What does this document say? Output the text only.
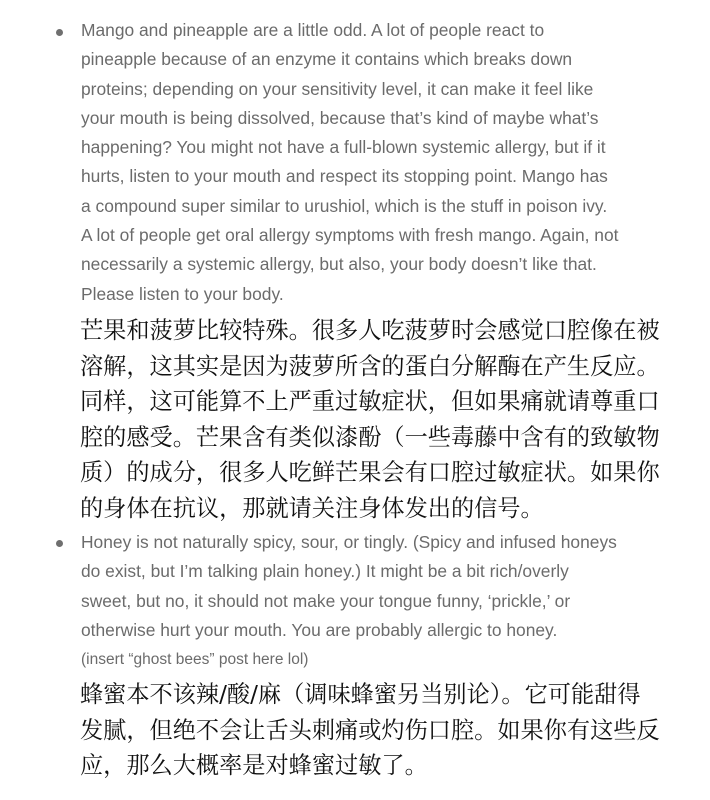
Mango and pineapple are a little odd. A lot of people react to
pineapple because of an enzyme it contains which breaks down
proteins; depending on your sensitivity level, it can make it feel like
your mouth is being dissolved, because that’s kind of maybe what’s
happening? You might not have a full-blown systemic allergy, but if it
hurts, listen to your mouth and respect its stopping point. Mango has
a compound super similar to urushiol, which is the stuff in poison ivy.
A lot of people get oral allergy symptoms with fresh mango. Again, not
necessarily a systemic allergy, but also, your body doesn’t like that.
Please listen to your body.

芒果和菠萝比较特殊。很多人吃菠萝时会感觉口腔像在被
溶解，这其实是因为菠萝所含的蛋白分解酶在产生反应。
同样，这可能算不上严重过敏症状，但如果痛就请尊重口
腔的感受。芒果含有类似漆酚（一些毒藤中含有的致敏物
质）的成分，很多人吃鲜芒果会有口腔过敏症状。如果你
的身体在抗议，那就请关注身体发出的信号。

Honey is not naturally spicy, sour, or tingly. (Spicy and infused honeys
do exist, but I’m talking plain honey.) It might be a bit rich/overly
sweet, but no, it should not make your tongue funny, ‘prickle,’ or
otherwise hurt your mouth. You are probably allergic to honey.
(insert “ghost bees” post here lol)

蜂蜜本不该辣/酸/麻（调味蜂蜜另当别论）。它可能甜得
发腻，但绝不会让舌头刺痛或灼伤口腔。如果你有这些反
应，那么大概率是对蜂蜜过敏了。
